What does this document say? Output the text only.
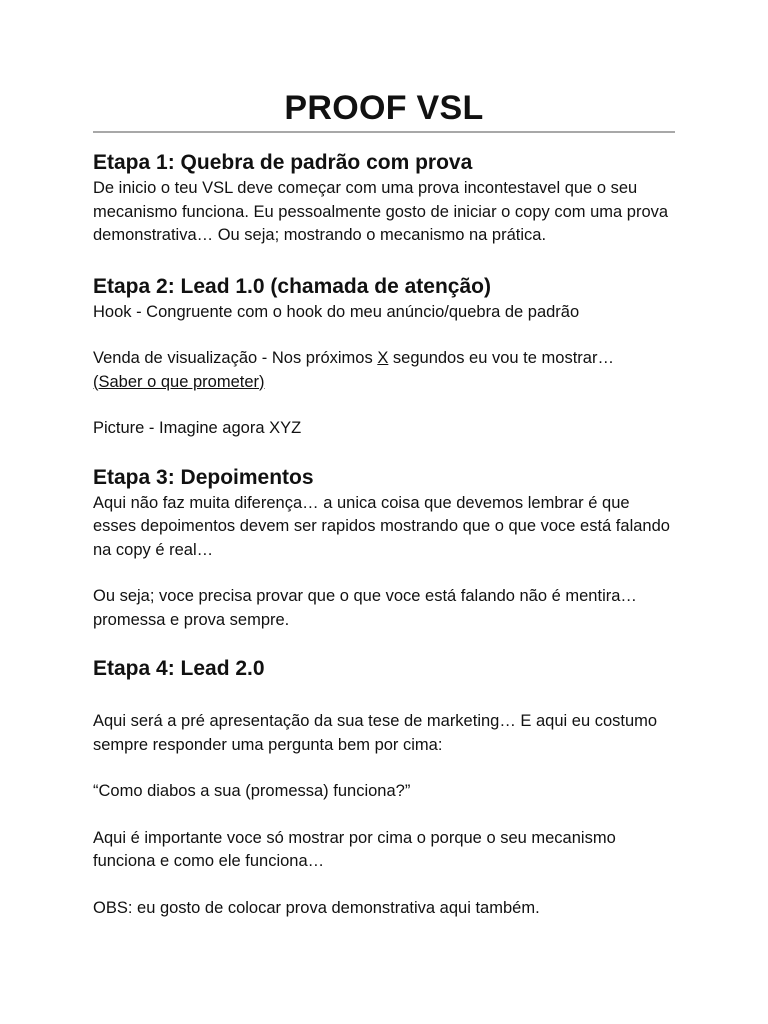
PROOF VSL
Etapa 1: Quebra de padrão com prova

De inicio o teu VSL deve começar com uma prova incontestavel que o seu mecanismo funciona. Eu pessoalmente gosto de iniciar o copy com uma prova demonstrativa… Ou seja; mostrando o mecanismo na prática.

Etapa 2: Lead 1.0 (chamada de atenção)

Hook - Congruente com o hook do meu anúncio/quebra de padrão

Venda de visualização - Nos próximos X segundos eu vou te mostrar…
(Saber o que prometer)

Picture - Imagine agora XYZ

Etapa 3: Depoimentos

Aqui não faz muita diferença… a unica coisa que devemos lembrar é que esses depoimentos devem ser rapidos mostrando que o que voce está falando na copy é real…

Ou seja; voce precisa provar que o que voce está falando não é mentira… promessa e prova sempre.

Etapa 4: Lead 2.0

Aqui será a pré apresentação da sua tese de marketing… E aqui eu costumo sempre responder uma pergunta bem por cima:

“Como diabos a sua (promessa) funciona?”

Aqui é importante voce só mostrar por cima o porque o seu mecanismo funciona e como ele funciona…

OBS: eu gosto de colocar prova demonstrativa aqui também.
